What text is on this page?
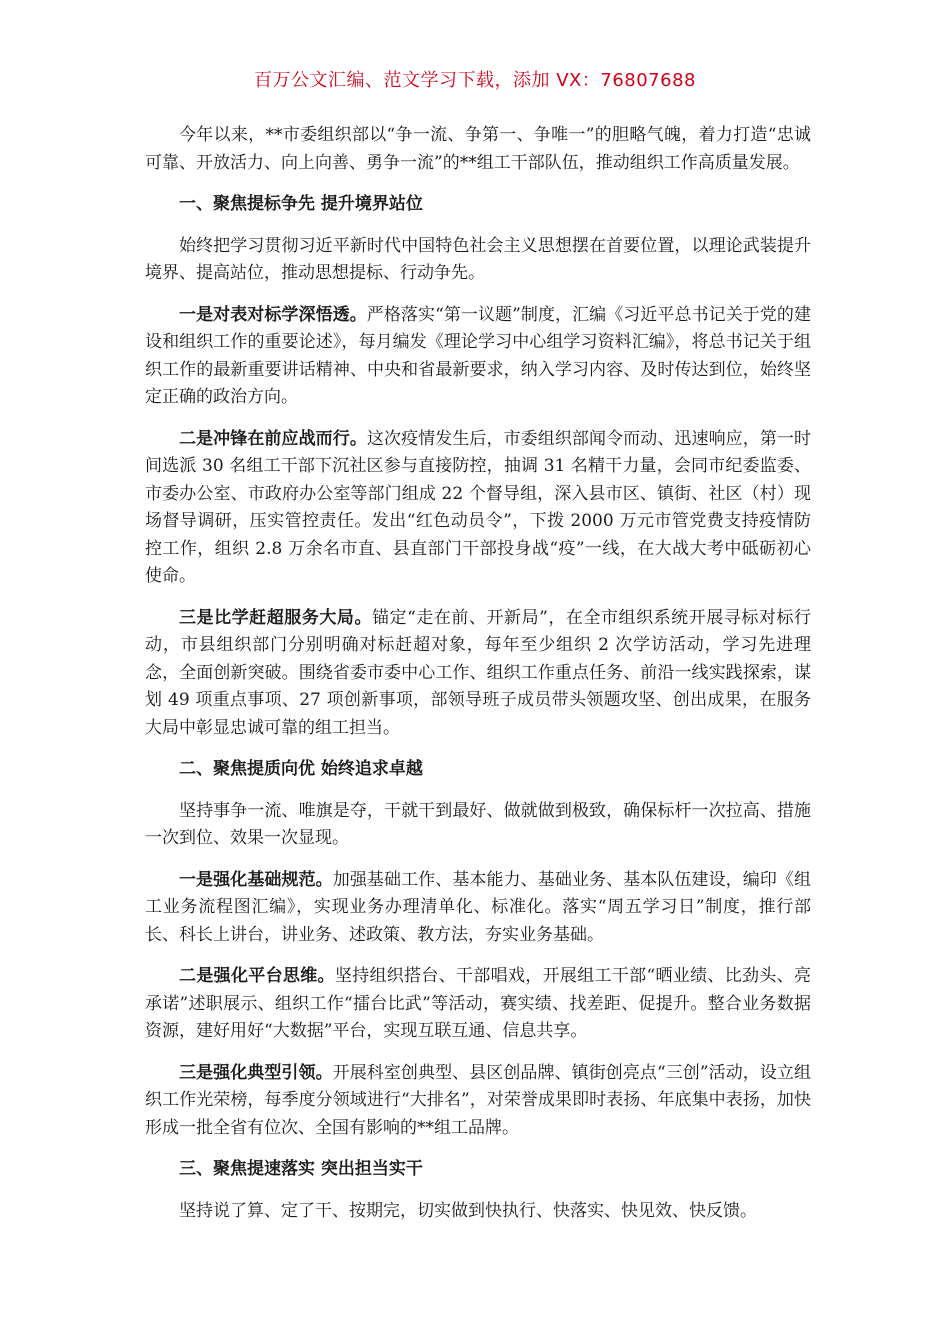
百万公文汇编、范文学习下载，添加 VX：76807688

今年以来，**市委组织部以“争一流、争第一、争唯一”的胆略气魄，着力打造“忠诚可靠、开放活力、向上向善、勇争一流”的**组工干部队伍，推动组织工作高质量发展。

一、聚焦提标争先 提升境界站位

始终把学习贯彻习近平新时代中国特色社会主义思想摆在首要位置，以理论武装提升境界、提高站位，推动思想提标、行动争先。

一是对表对标学深悟透。严格落实“第一议题”制度，汇编《习近平总书记关于党的建设和组织工作的重要论述》，每月编发《理论学习中心组学习资料汇编》，将总书记关于组织工作的最新重要讲话精神、中央和省最新要求，纳入学习内容、及时传达到位，始终坚定正确的政治方向。

二是冲锋在前应战而行。这次疫情发生后，市委组织部闻令而动、迅速响应，第一时间选派 30 名组工干部下沉社区参与直接防控，抽调 31 名精干力量，会同市纪委监委、市委办公室、市政府办公室等部门组成 22 个督导组，深入县市区、镇街、社区（村）现场督导调研，压实管控责任。发出“红色动员令”，下拨 2000 万元市管党费支持疫情防控工作，组织 2.8 万余名市直、县直部门干部投身战“疫”一线，在大战大考中砥砺初心使命。

三是比学赶超服务大局。锚定“走在前、开新局”，在全市组织系统开展寻标对标行动，市县组织部门分别明确对标赶超对象，每年至少组织 2 次学访活动，学习先进理念，全面创新突破。围绕省委市委中心工作、组织工作重点任务、前沿一线实践探索，谋划 49 项重点事项、27 项创新事项，部领导班子成员带头领题攻坚、创出成果，在服务大局中彰显忠诚可靠的组工担当。

二、聚焦提质向优 始终追求卓越

坚持事争一流、唯旗是夺，干就干到最好、做就做到极致，确保标杆一次拉高、措施一次到位、效果一次显现。

一是强化基础规范。加强基础工作、基本能力、基础业务、基本队伍建设，编印《组工业务流程图汇编》，实现业务办理清单化、标准化。落实“周五学习日”制度，推行部长、科长上讲台，讲业务、述政策、教方法，夯实业务基础。

二是强化平台思维。坚持组织搭台、干部唱戏，开展组工干部“晒业绩、比劲头、亮承诺”述职展示、组织工作“擂台比武”等活动，赛实绩、找差距、促提升。整合业务数据资源，建好用好“大数据”平台，实现互联互通、信息共享。

三是强化典型引领。开展科室创典型、县区创品牌、镇街创亮点“三创”活动，设立组织工作光荣榜，每季度分领域进行“大排名”，对荣誉成果即时表扬、年底集中表扬，加快形成一批全省有位次、全国有影响的**组工品牌。

三、聚焦提速落实 突出担当实干

坚持说了算、定了干、按期完，切实做到快执行、快落实、快见效、快反馈。
